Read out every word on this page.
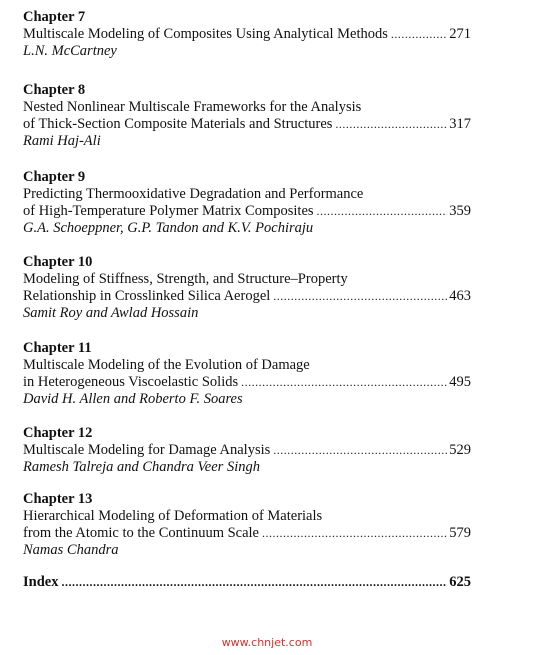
Chapter 7
Multiscale Modeling of Composites Using Analytical Methods .....	271
L.N. McCartney
Chapter 8
Nested Nonlinear Multiscale Frameworks for the Analysis
of Thick-Section Composite Materials and Structures .....	317
Rami Haj-Ali
Chapter 9
Predicting Thermooxidative Degradation and Performance
of High-Temperature Polymer Matrix Composites .....	359
G.A. Schoeppner, G.P. Tandon and K.V. Pochiraju
Chapter 10
Modeling of Stiffness, Strength, and Structure–Property
Relationship in Crosslinked Silica Aerogel .....	463
Samit Roy and Awlad Hossain
Chapter 11
Multiscale Modeling of the Evolution of Damage
in Heterogeneous Viscoelastic Solids .....	495
David H. Allen and Roberto F. Soares
Chapter 12
Multiscale Modeling for Damage Analysis .....	529
Ramesh Talreja and Chandra Veer Singh
Chapter 13
Hierarchical Modeling of Deformation of Materials
from the Atomic to the Continuum Scale .....	579
Namas Chandra
Index .....	625
www.chnjet.com
